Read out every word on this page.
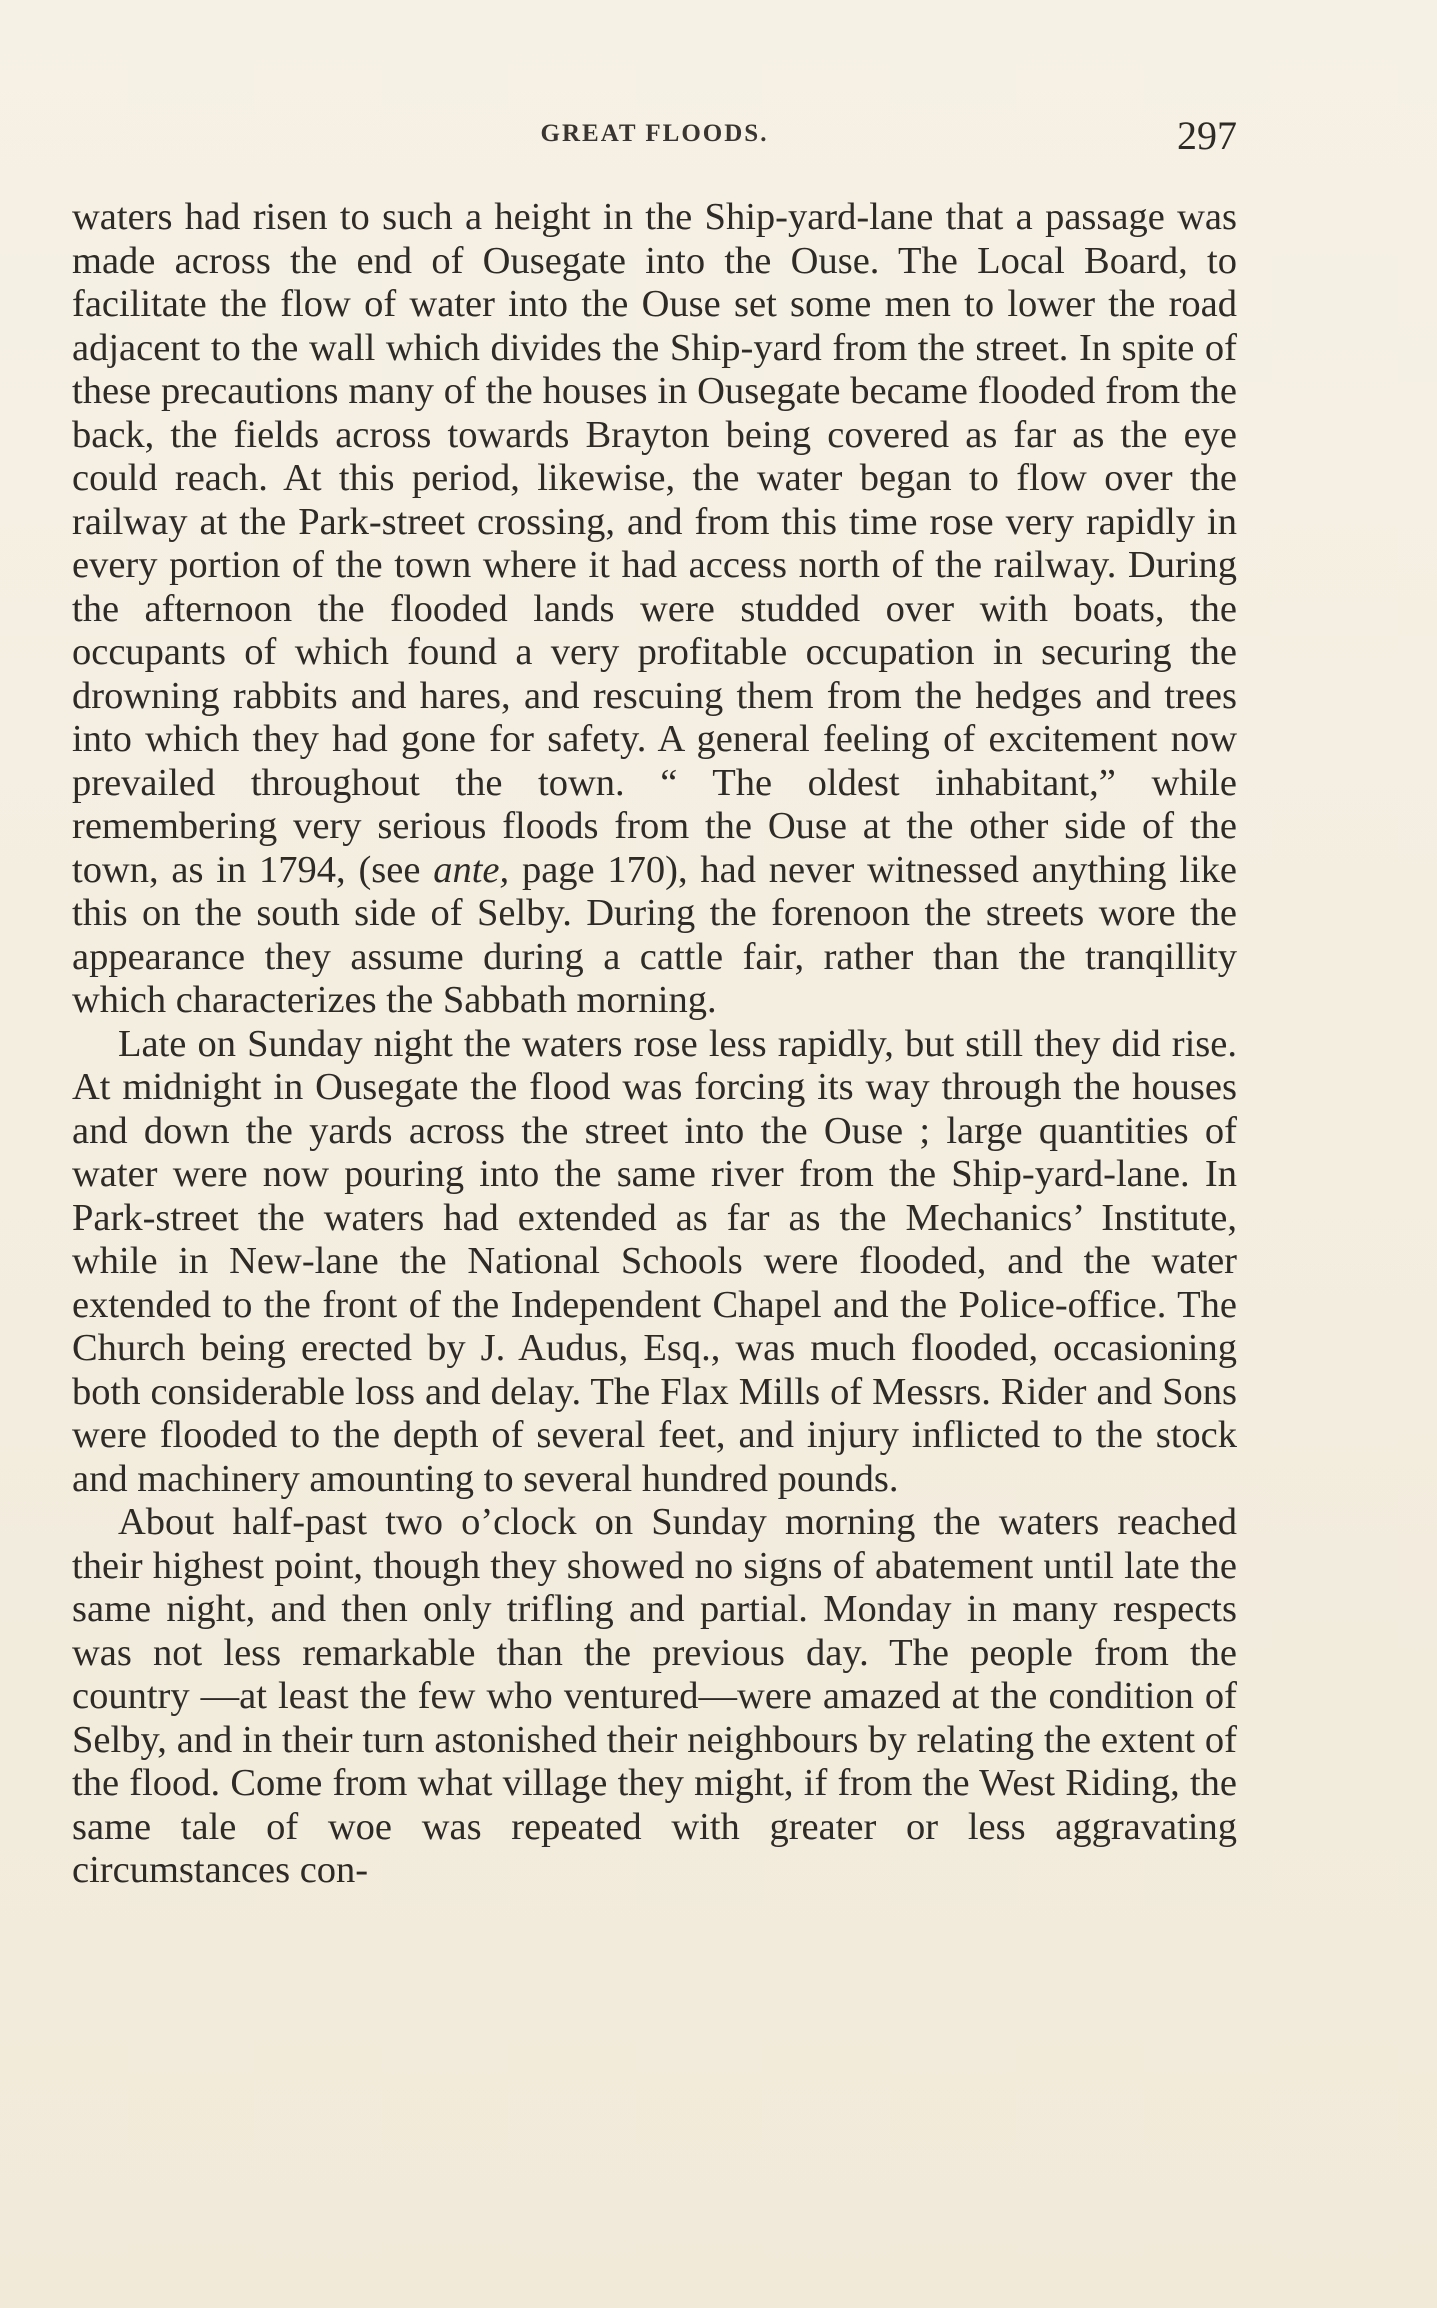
GREAT FLOODS.	297

waters had risen to such a height in the Ship-yard-lane that a passage was made across the end of Ousegate into the Ouse. The Local Board, to facilitate the flow of water into the Ouse set some men to lower the road adjacent to the wall which divides the Ship-yard from the street. In spite of these precautions many of the houses in Ousegate became flooded from the back, the fields across towards Brayton being covered as far as the eye could reach. At this period, likewise, the water began to flow over the railway at the Park-street crossing, and from this time rose very rapidly in every portion of the town where it had access north of the railway. During the afternoon the flooded lands were studded over with boats, the occupants of which found a very profitable occupation in securing the drowning rabbits and hares, and rescuing them from the hedges and trees into which they had gone for safety. A general feeling of excitement now prevailed throughout the town. “ The oldest inhabitant,” while remembering very serious floods from the Ouse at the other side of the town, as in 1794, (see ante, page 170), had never witnessed anything like this on the south side of Selby. During the forenoon the streets wore the appearance they assume during a cattle fair, rather than the tranqillity which characterizes the Sabbath morning.

Late on Sunday night the waters rose less rapidly, but still they did rise. At midnight in Ousegate the flood was forcing its way through the houses and down the yards across the street into the Ouse ; large quantities of water were now pouring into the same river from the Ship-yard-lane. In Park-street the waters had extended as far as the Mechanics’ Institute, while in New-lane the National Schools were flooded, and the water extended to the front of the Independent Chapel and the Police-office. The Church being erected by J. Audus, Esq., was much flooded, occasioning both considerable loss and delay. The Flax Mills of Messrs. Rider and Sons were flooded to the depth of several feet, and injury inflicted to the stock and machinery amounting to several hundred pounds.

About half-past two o’clock on Sunday morning the waters reached their highest point, though they showed no signs of abatement until late the same night, and then only trifling and partial. Monday in many respects was not less remarkable than the previous day. The people from the country —at least the few who ventured—were amazed at the condition of Selby, and in their turn astonished their neighbours by relating the extent of the flood. Come from what village they might, if from the West Riding, the same tale of woe was repeated with greater or less aggravating circumstances con-
